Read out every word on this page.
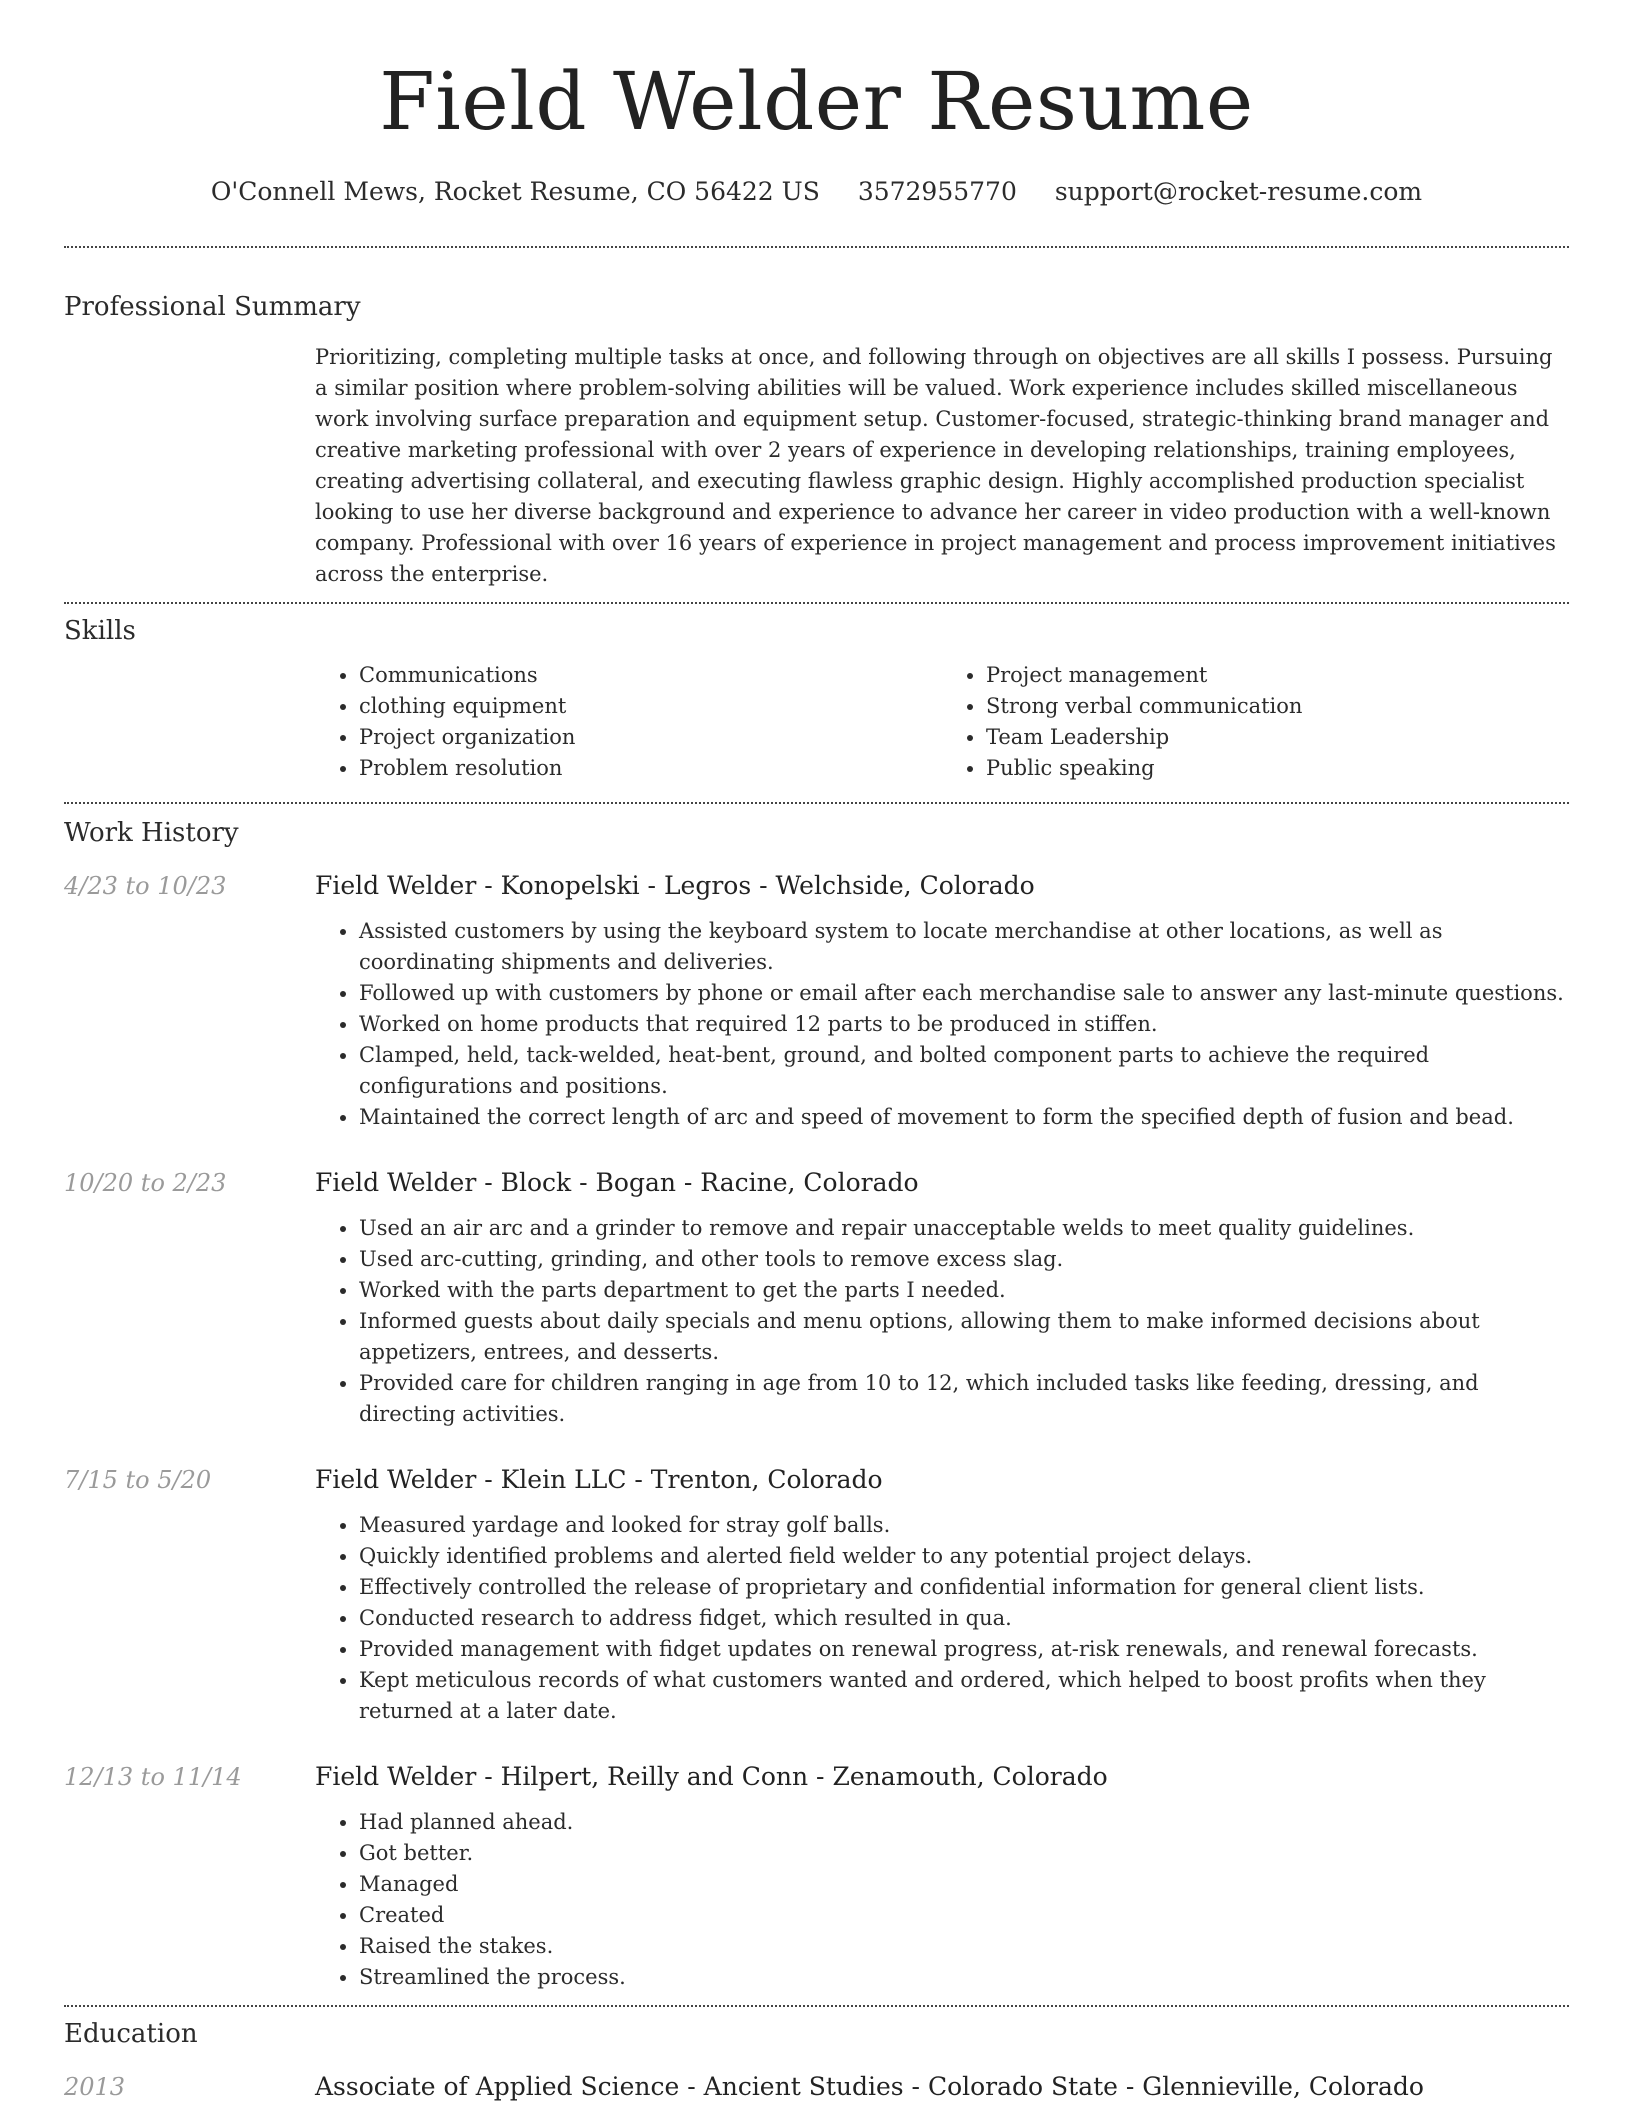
Field Welder Resume
O'Connell Mews, Rocket Resume, CO 56422 US 3572955770 support@rocket-resume.com
Professional Summary

Prioritizing, completing multiple tasks at once, and following through on objectives are all skills I possess. Pursuing a similar position where problem-solving abilities will be valued. Work experience includes skilled miscellaneous work involving surface preparation and equipment setup. Customer-focused, strategic-thinking brand manager and creative marketing professional with over 2 years of experience in developing relationships, training employees, creating advertising collateral, and executing flawless graphic design. Highly accomplished production specialist looking to use her diverse background and experience to advance her career in video production with a well-known company. Professional with over 16 years of experience in project management and process improvement initiatives across the enterprise.

Skills
• Communications
• clothing equipment
• Project organization
• Problem resolution
• Project management
• Strong verbal communication
• Team Leadership
• Public speaking
Work History
4/23 to 10/23	Field Welder - Konopelski - Legros - Welchside, Colorado
• Assisted customers by using the keyboard system to locate merchandise at other locations, as well as coordinating shipments and deliveries.
• Followed up with customers by phone or email after each merchandise sale to answer any last-minute questions.
• Worked on home products that required 12 parts to be produced in stiffen.
• Clamped, held, tack-welded, heat-bent, ground, and bolted component parts to achieve the required configurations and positions.
• Maintained the correct length of arc and speed of movement to form the specified depth of fusion and bead.
10/20 to 2/23	Field Welder - Block - Bogan - Racine, Colorado
• Used an air arc and a grinder to remove and repair unacceptable welds to meet quality guidelines.
• Used arc-cutting, grinding, and other tools to remove excess slag.
• Worked with the parts department to get the parts I needed.
• Informed guests about daily specials and menu options, allowing them to make informed decisions about appetizers, entrees, and desserts.
• Provided care for children ranging in age from 10 to 12, which included tasks like feeding, dressing, and directing activities.
7/15 to 5/20	Field Welder - Klein LLC - Trenton, Colorado
• Measured yardage and looked for stray golf balls.
• Quickly identified problems and alerted field welder to any potential project delays.
• Effectively controlled the release of proprietary and confidential information for general client lists.
• Conducted research to address fidget, which resulted in qua.
• Provided management with fidget updates on renewal progress, at-risk renewals, and renewal forecasts.
• Kept meticulous records of what customers wanted and ordered, which helped to boost profits when they returned at a later date.
12/13 to 11/14	Field Welder - Hilpert, Reilly and Conn - Zenamouth, Colorado
• Had planned ahead.
• Got better.
• Managed
• Created
• Raised the stakes.
• Streamlined the process.
Education
2013	Associate of Applied Science - Ancient Studies - Colorado State - Glennieville, Colorado
